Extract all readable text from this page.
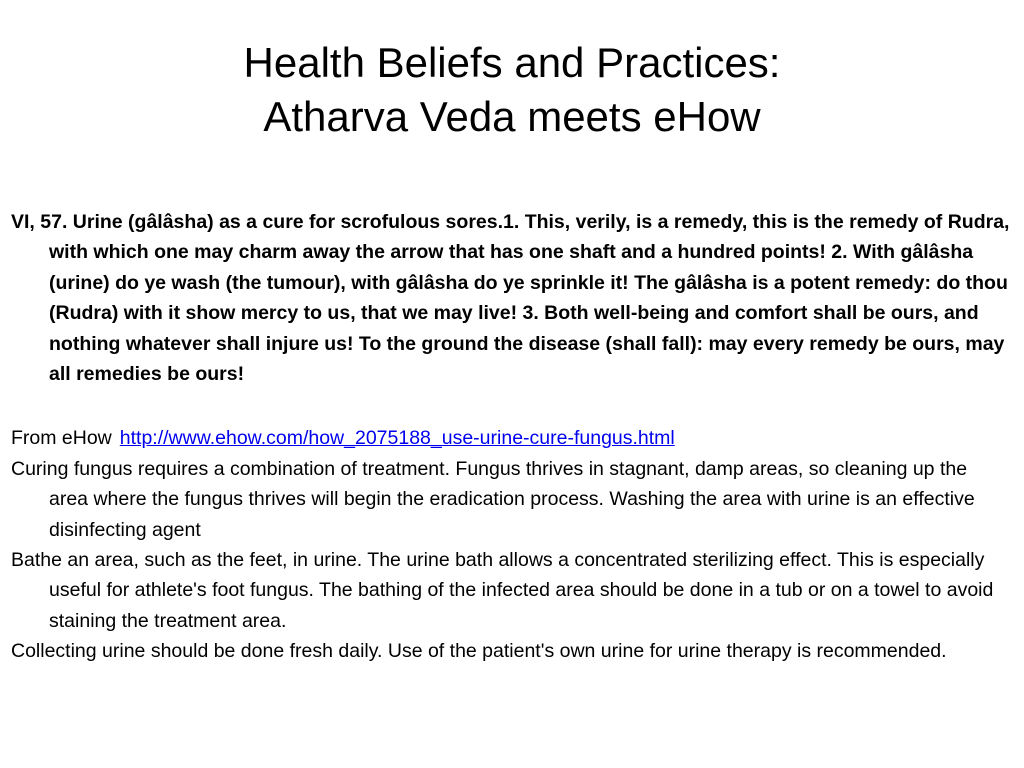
Health Beliefs and Practices:
Atharva Veda meets eHow

VI, 57. Urine (gâlâsha) as a cure for scrofulous sores.1. This, verily, is a remedy, this is the remedy of Rudra, with which one may charm away the arrow that has one shaft and a hundred points! 2. With gâlâsha (urine) do ye wash (the tumour), with gâlâsha do ye sprinkle it! The gâlâsha is a potent remedy: do thou (Rudra) with it show mercy to us, that we may live! 3. Both well-being and comfort shall be ours, and nothing whatever shall injure us! To the ground the disease (shall fall): may every remedy be ours, may all remedies be ours!

From eHow http://www.ehow.com/how_2075188_use-urine-cure-fungus.html

Curing fungus requires a combination of treatment. Fungus thrives in stagnant, damp areas, so cleaning up the area where the fungus thrives will begin the eradication process. Washing the area with urine is an effective disinfecting agent

Bathe an area, such as the feet, in urine. The urine bath allows a concentrated sterilizing effect. This is especially useful for athlete's foot fungus. The bathing of the infected area should be done in a tub or on a towel to avoid staining the treatment area.

Collecting urine should be done fresh daily. Use of the patient's own urine for urine therapy is recommended.
